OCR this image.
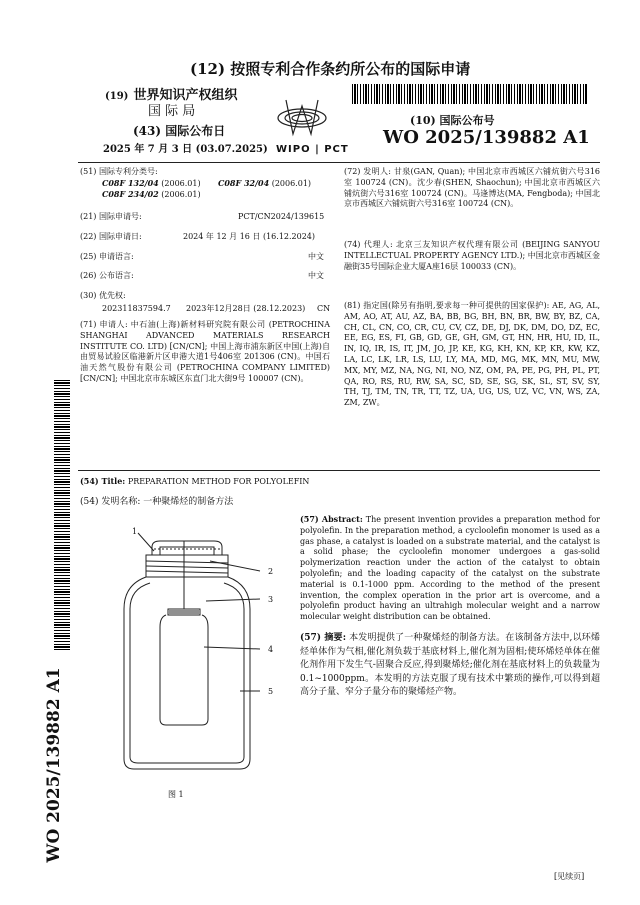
(12) 按照专利合作条约所公布的国际申请
(19) 世界知识产权组织
国 际 局
(43) 国际公布日
2025 年 7 月 3 日 (03.07.2025) WIPO | PCT
(10) 国际公布号
WO 2025/139882 A1
(51) 国际专利分类号:
C08F 132/04 (2006.01) C08F 32/04 (2006.01)
C08F 234/02 (2006.01)
(21) 国际申请号:	PCT/CN2024/139615
(22) 国际申请日:	2024 年 12 月 16 日 (16.12.2024)
(25) 申请语言:	中文
(26) 公布语言:	中文
(30) 优先权:
202311837594.7 2023年12月28日 (28.12.2023) CN
(71) 申请人: 中石油(上海)新材料研究院有限公司 (PETROCHINA SHANGHAI ADVANCED MATERIALS RESEARCH INSTITUTE CO. LTD) [CN/CN]; 中国上海市浦东新区中国(上海)自由贸易试验区临港新片区申港大道1号406室 201306 (CN)。中国石油天然气股份有限公司 (PETROCHINA COMPANY LIMITED) [CN/CN]; 中国北京市东城区东直门北大街9号 100007 (CN)。
(72) 发明人: 甘泉(GAN, Quan); 中国北京市西城区六铺炕街六号316室 100724 (CN)。沈少春(SHEN, Shaochun); 中国北京市西城区六铺炕街六号316室 100724 (CN)。马逢博达(MA, Fengboda); 中国北京市西城区六铺炕街六号316室 100724 (CN)。
(74) 代理人: 北京三友知识产权代理有限公司 (BEIJING SANYOU INTELLECTUAL PROPERTY AGENCY LTD.); 中国北京市西城区金融街35号国际企业大厦A座16层 100033 (CN)。
(81) 指定国(除另有指明,要求每一种可提供的国家保护): AE, AG, AL, AM, AO, AT, AU, AZ, BA, BB, BG, BH, BN, BR, BW, BY, BZ, CA, CH, CL, CN, CO, CR, CU, CV, CZ, DE, DJ, DK, DM, DO, DZ, EC, EE, EG, ES, FI, GB, GD, GE, GH, GM, GT, HN, HR, HU, ID, IL, IN, IQ, IR, IS, IT, JM, JO, JP, KE, KG, KH, KN, KP, KR, KW, KZ, LA, LC, LK, LR, LS, LU, LY, MA, MD, MG, MK, MN, MU, MW, MX, MY, MZ, NA, NG, NI, NO, NZ, OM, PA, PE, PG, PH, PL, PT, QA, RO, RS, RU, RW, SA, SC, SD, SE, SG, SK, SL, ST, SV, SY, TH, TJ, TM, TN, TR, TT, TZ, UA, UG, US, UZ, VC, VN, WS, ZA, ZM, ZW。
(54) Title: PREPARATION METHOD FOR POLYOLEFIN
(54) 发明名称: 一种聚烯烃的制备方法
1
2
3
4
5
图 1
(57) Abstract: The present invention provides a preparation method for polyolefin. In the preparation method, a cycloolefin monomer is used as a gas phase, a catalyst is loaded on a substrate material, and the catalyst is a solid phase; the cycloolefin monomer undergoes a gas-solid polymerization reaction under the action of the catalyst to obtain polyolefin; and the loading capacity of the catalyst on the substrate material is 0.1-1000 ppm. According to the method of the present invention, the complex operation in the prior art is overcome, and a polyolefin product having an ultrahigh molecular weight and a narrow molecular weight distribution can be obtained.
(57) 摘要: 本发明提供了一种聚烯烃的制备方法。在该制备方法中,以环烯烃单体作为气相,催化剂负载于基底材料上,催化剂为固相;使环烯烃单体在催化剂作用下发生气-固聚合反应,得到聚烯烃;催化剂在基底材料上的负载量为0.1~1000ppm。本发明的方法克服了现有技术中繁琐的操作,可以得到超高分子量、窄分子量分布的聚烯烃产物。
WO 2025/139882 A1
[见续页]
